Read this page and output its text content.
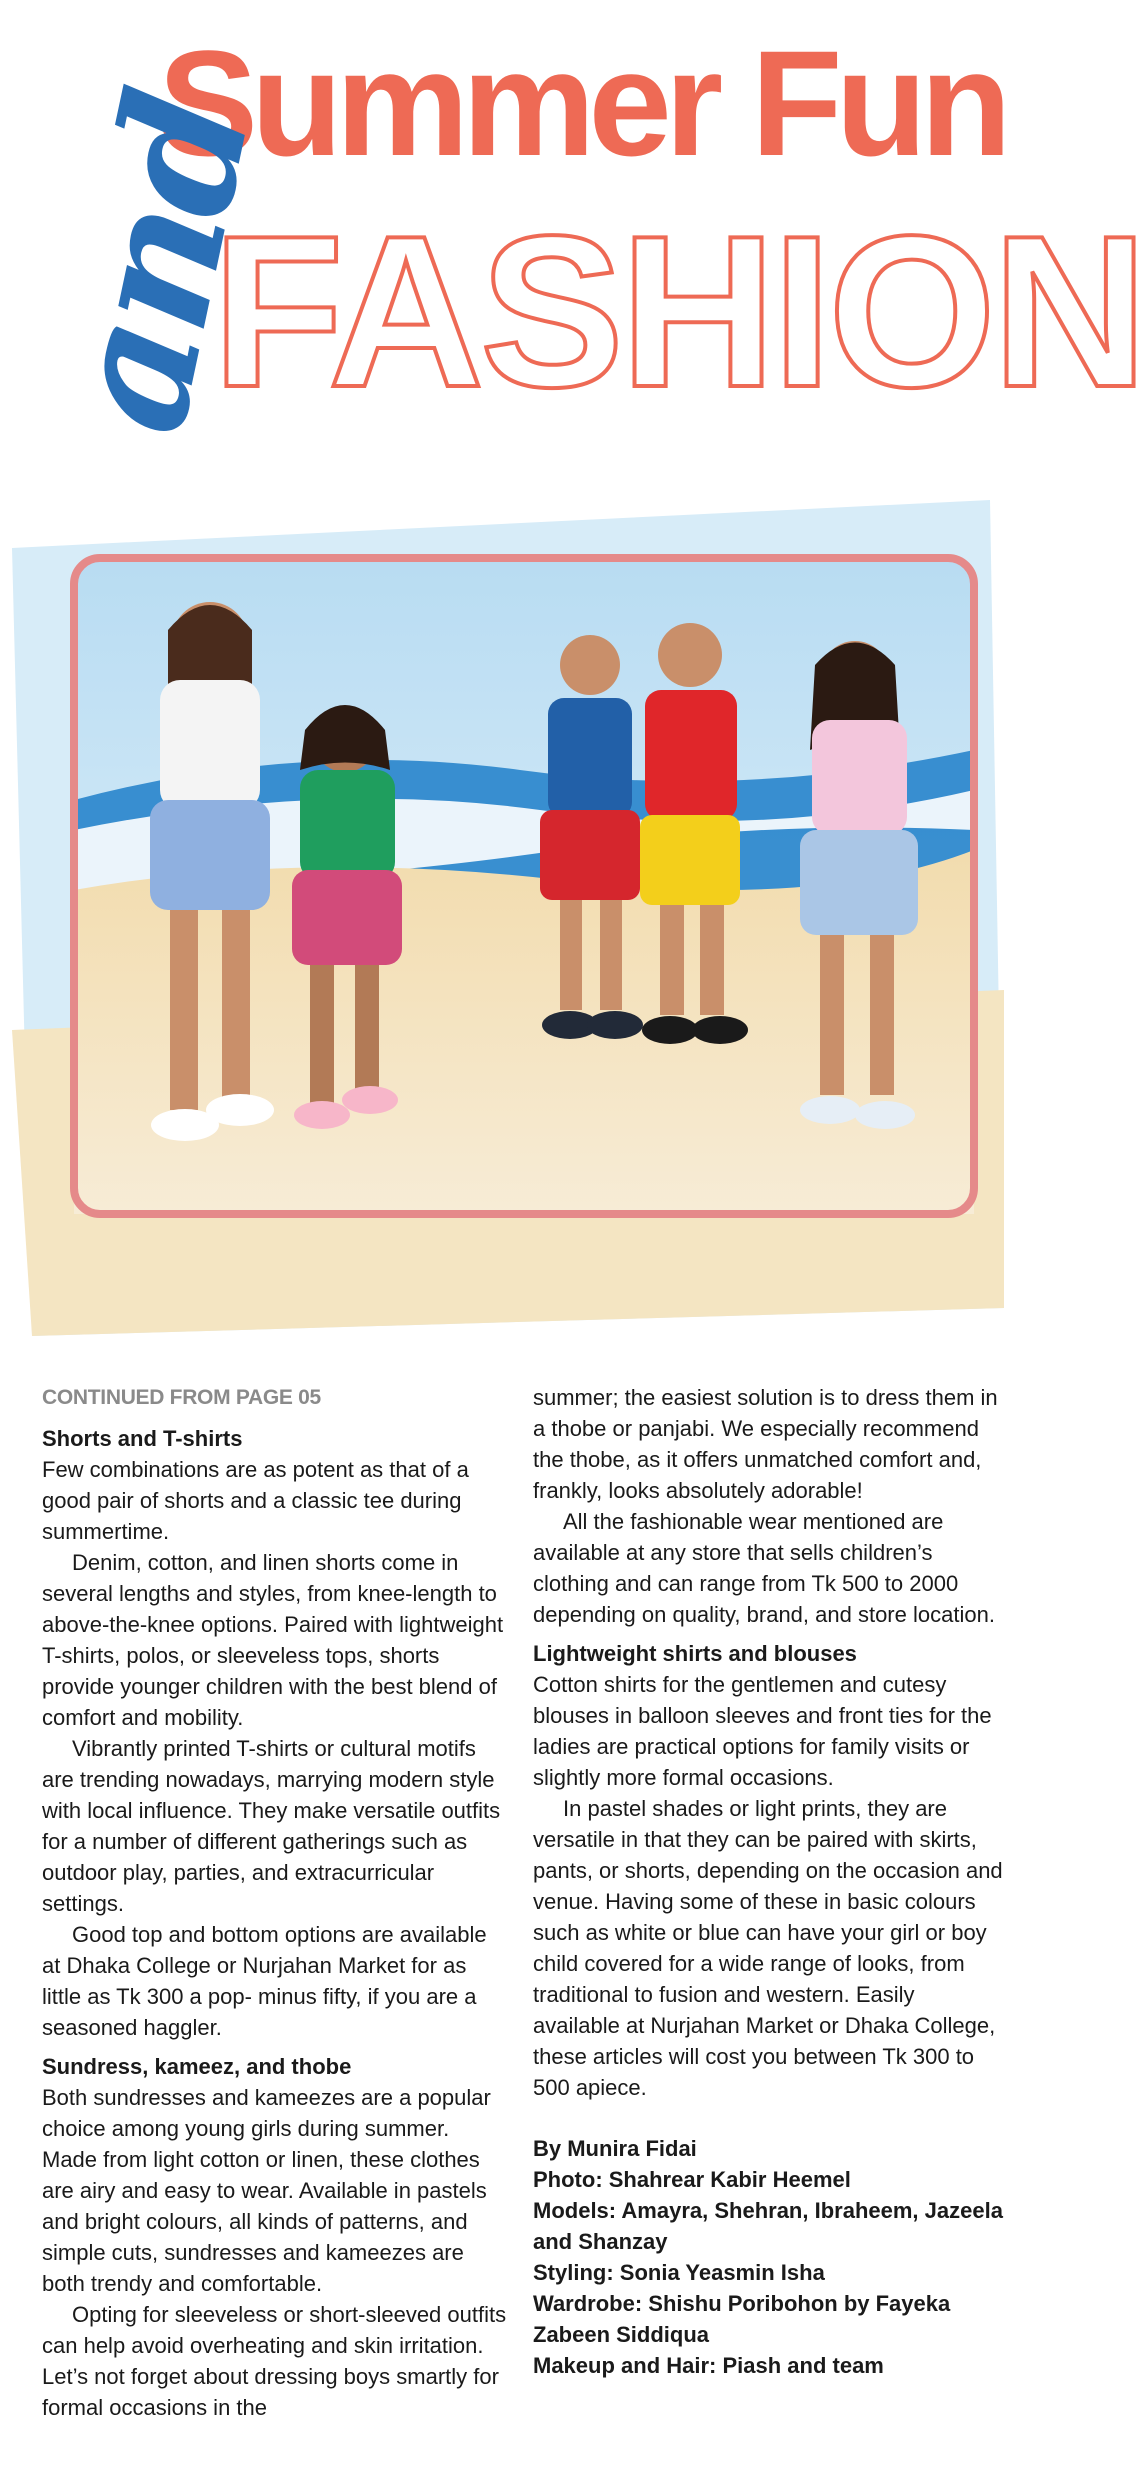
Summer Fun
and
FASHION
CONTINUED FROM PAGE 05

Shorts and T-shirts

Few combinations are as potent as that of a good pair of shorts and a classic tee during summertime.

Denim, cotton, and linen shorts come in several lengths and styles, from knee-length to above-the-knee options. Paired with lightweight T-shirts, polos, or sleeveless tops, shorts provide younger children with the best blend of comfort and mobility.

Vibrantly printed T-shirts or cultural motifs are trending nowadays, marrying modern style with local influence. They make versatile outfits for a number of different gatherings such as outdoor play, parties, and extracurricular settings.

Good top and bottom options are available at Dhaka College or Nurjahan Market for as little as Tk 300 a pop- minus fifty, if you are a seasoned haggler.

Sundress, kameez, and thobe

Both sundresses and kameezes are a popular choice among young girls during summer. Made from light cotton or linen, these clothes are airy and easy to wear. Available in pastels and bright colours, all kinds of patterns, and simple cuts, sundresses and kameezes are both trendy and comfortable.

Opting for sleeveless or short-sleeved outfits can help avoid overheating and skin irritation. Let’s not forget about dressing boys smartly for formal occasions in the

summer; the easiest solution is to dress them in a thobe or panjabi. We especially recommend the thobe, as it offers unmatched comfort and, frankly, looks absolutely adorable!

All the fashionable wear mentioned are available at any store that sells children’s clothing and can range from Tk 500 to 2000 depending on quality, brand, and store location.

Lightweight shirts and blouses

Cotton shirts for the gentlemen and cutesy blouses in balloon sleeves and front ties for the ladies are practical options for family visits or slightly more formal occasions.

In pastel shades or light prints, they are versatile in that they can be paired with skirts, pants, or shorts, depending on the occasion and venue. Having some of these in basic colours such as white or blue can have your girl or boy child covered for a wide range of looks, from traditional to fusion and western. Easily available at Nurjahan Market or Dhaka College, these articles will cost you between Tk 300 to 500 apiece.

By Munira Fidai
Photo: Shahrear Kabir Heemel
Models: Amayra, Shehran, Ibraheem, Jazeela and Shanzay
Styling: Sonia Yeasmin Isha
Wardrobe: Shishu Poribohon by Fayeka Zabeen Siddiqua
Makeup and Hair: Piash and team
